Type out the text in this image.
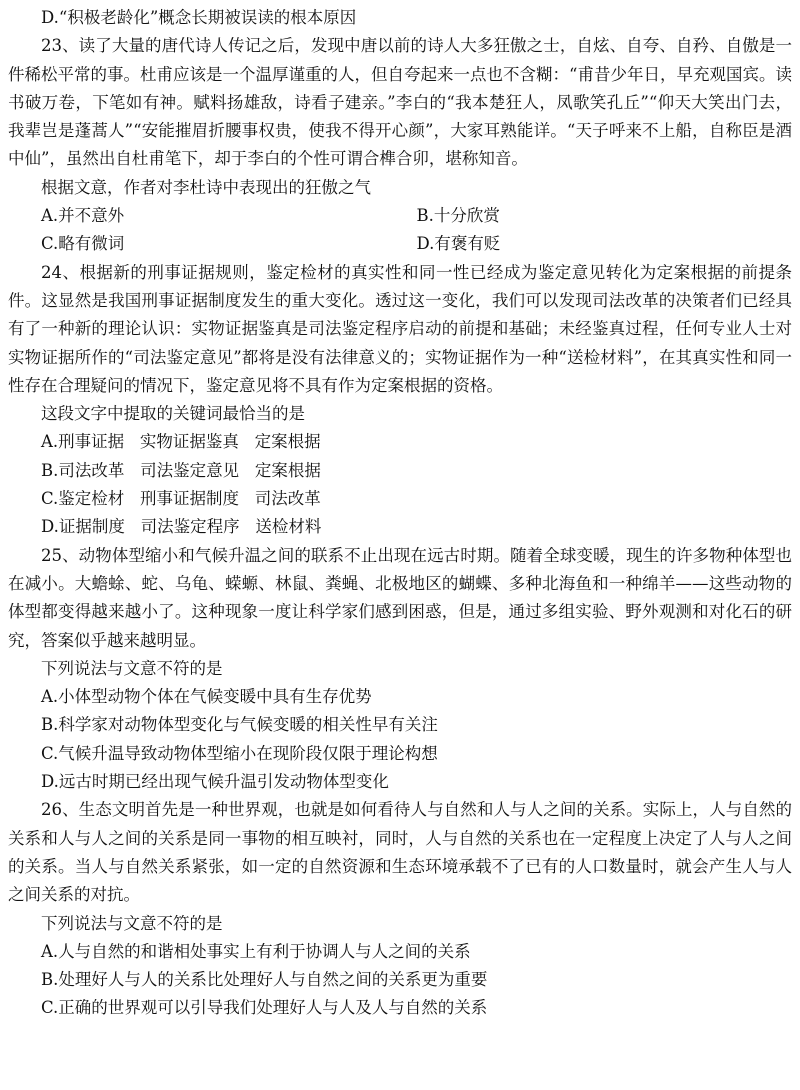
D.“积极老龄化”概念长期被误读的根本原因

23、读了大量的唐代诗人传记之后，发现中唐以前的诗人大多狂傲之士，自炫、自夸、自矜、自傲是一件稀松平常的事。杜甫应该是一个温厚谨重的人，但自夸起来一点也不含糊：“甫昔少年日，早充观国宾。读书破万卷，下笔如有神。赋料扬雄敌，诗看子建亲。”李白的“我本楚狂人，凤歌笑孔丘”“仰天大笑出门去，我辈岂是蓬蒿人”“安能摧眉折腰事权贵，使我不得开心颜”，大家耳熟能详。“天子呼来不上船，自称臣是酒中仙”，虽然出自杜甫笔下，却于李白的个性可谓合榫合卯，堪称知音。

根据文意，作者对李杜诗中表现出的狂傲之气
A.并不意外	B.十分欣赏
C.略有微词	D.有褒有贬

24、根据新的刑事证据规则，鉴定检材的真实性和同一性已经成为鉴定意见转化为定案根据的前提条件。这显然是我国刑事证据制度发生的重大变化。透过这一变化，我们可以发现司法改革的决策者们已经具有了一种新的理论认识：实物证据鉴真是司法鉴定程序启动的前提和基础；未经鉴真过程，任何专业人士对实物证据所作的“司法鉴定意见”都将是没有法律意义的；实物证据作为一种“送检材料”，在其真实性和同一性存在合理疑问的情况下，鉴定意见将不具有作为定案根据的资格。

这段文字中提取的关键词最恰当的是
A.刑事证据   实物证据鉴真   定案根据
B.司法改革   司法鉴定意见   定案根据
C.鉴定检材   刑事证据制度   司法改革
D.证据制度   司法鉴定程序   送检材料

25、动物体型缩小和气候升温之间的联系不止出现在远古时期。随着全球变暖，现生的许多物种体型也在减小。大蟾蜍、蛇、乌龟、蝾螈、林鼠、粪蝇、北极地区的蝴蝶、多种北海鱼和一种绵羊——这些动物的体型都变得越来越小了。这种现象一度让科学家们感到困惑，但是，通过多组实验、野外观测和对化石的研究，答案似乎越来越明显。

下列说法与文意不符的是
A.小体型动物个体在气候变暖中具有生存优势
B.科学家对动物体型变化与气候变暖的相关性早有关注
C.气候升温导致动物体型缩小在现阶段仅限于理论构想
D.远古时期已经出现气候升温引发动物体型变化

26、生态文明首先是一种世界观，也就是如何看待人与自然和人与人之间的关系。实际上，人与自然的关系和人与人之间的关系是同一事物的相互映衬，同时，人与自然的关系也在一定程度上决定了人与人之间的关系。当人与自然关系紧张，如一定的自然资源和生态环境承载不了已有的人口数量时，就会产生人与人之间关系的对抗。

下列说法与文意不符的是
A.人与自然的和谐相处事实上有利于协调人与人之间的关系
B.处理好人与人的关系比处理好人与自然之间的关系更为重要
C.正确的世界观可以引导我们处理好人与人及人与自然的关系
